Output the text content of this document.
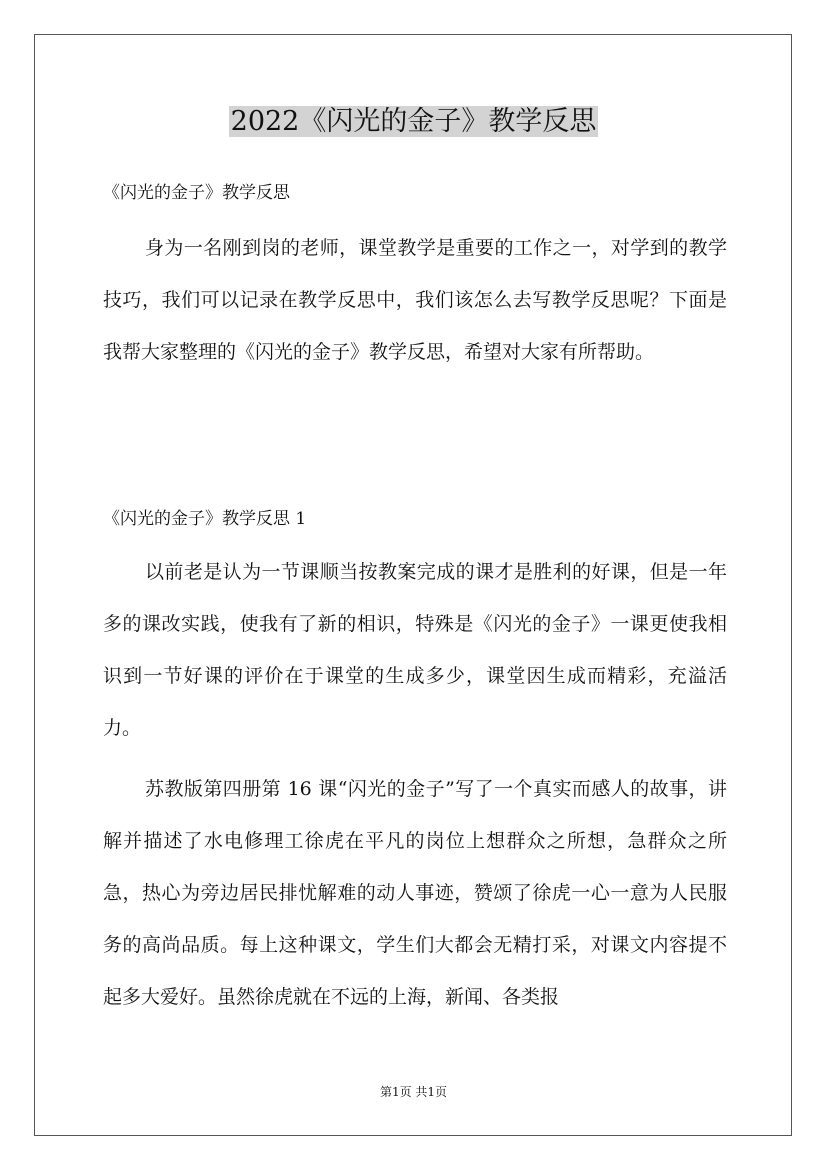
2022《闪光的金子》教学反思

《闪光的金子》教学反思

身为一名刚到岗的老师，课堂教学是重要的工作之一，对学到的教学技巧，我们可以记录在教学反思中，我们该怎么去写教学反思呢？下面是我帮大家整理的《闪光的金子》教学反思，希望对大家有所帮助。

《闪光的金子》教学反思 1

以前老是认为一节课顺当按教案完成的课才是胜利的好课，但是一年多的课改实践，使我有了新的相识，特殊是《闪光的金子》一课更使我相识到一节好课的评价在于课堂的生成多少，课堂因生成而精彩，充溢活力。

苏教版第四册第 16 课“闪光的金子”写了一个真实而感人的故事，讲解并描述了水电修理工徐虎在平凡的岗位上想群众之所想，急群众之所急，热心为旁边居民排忧解难的动人事迹，赞颂了徐虎一心一意为人民服务的高尚品质。每上这种课文，学生们大都会无精打采，对课文内容提不起多大爱好。虽然徐虎就在不远的上海，新闻、各类报

第1页 共1页
